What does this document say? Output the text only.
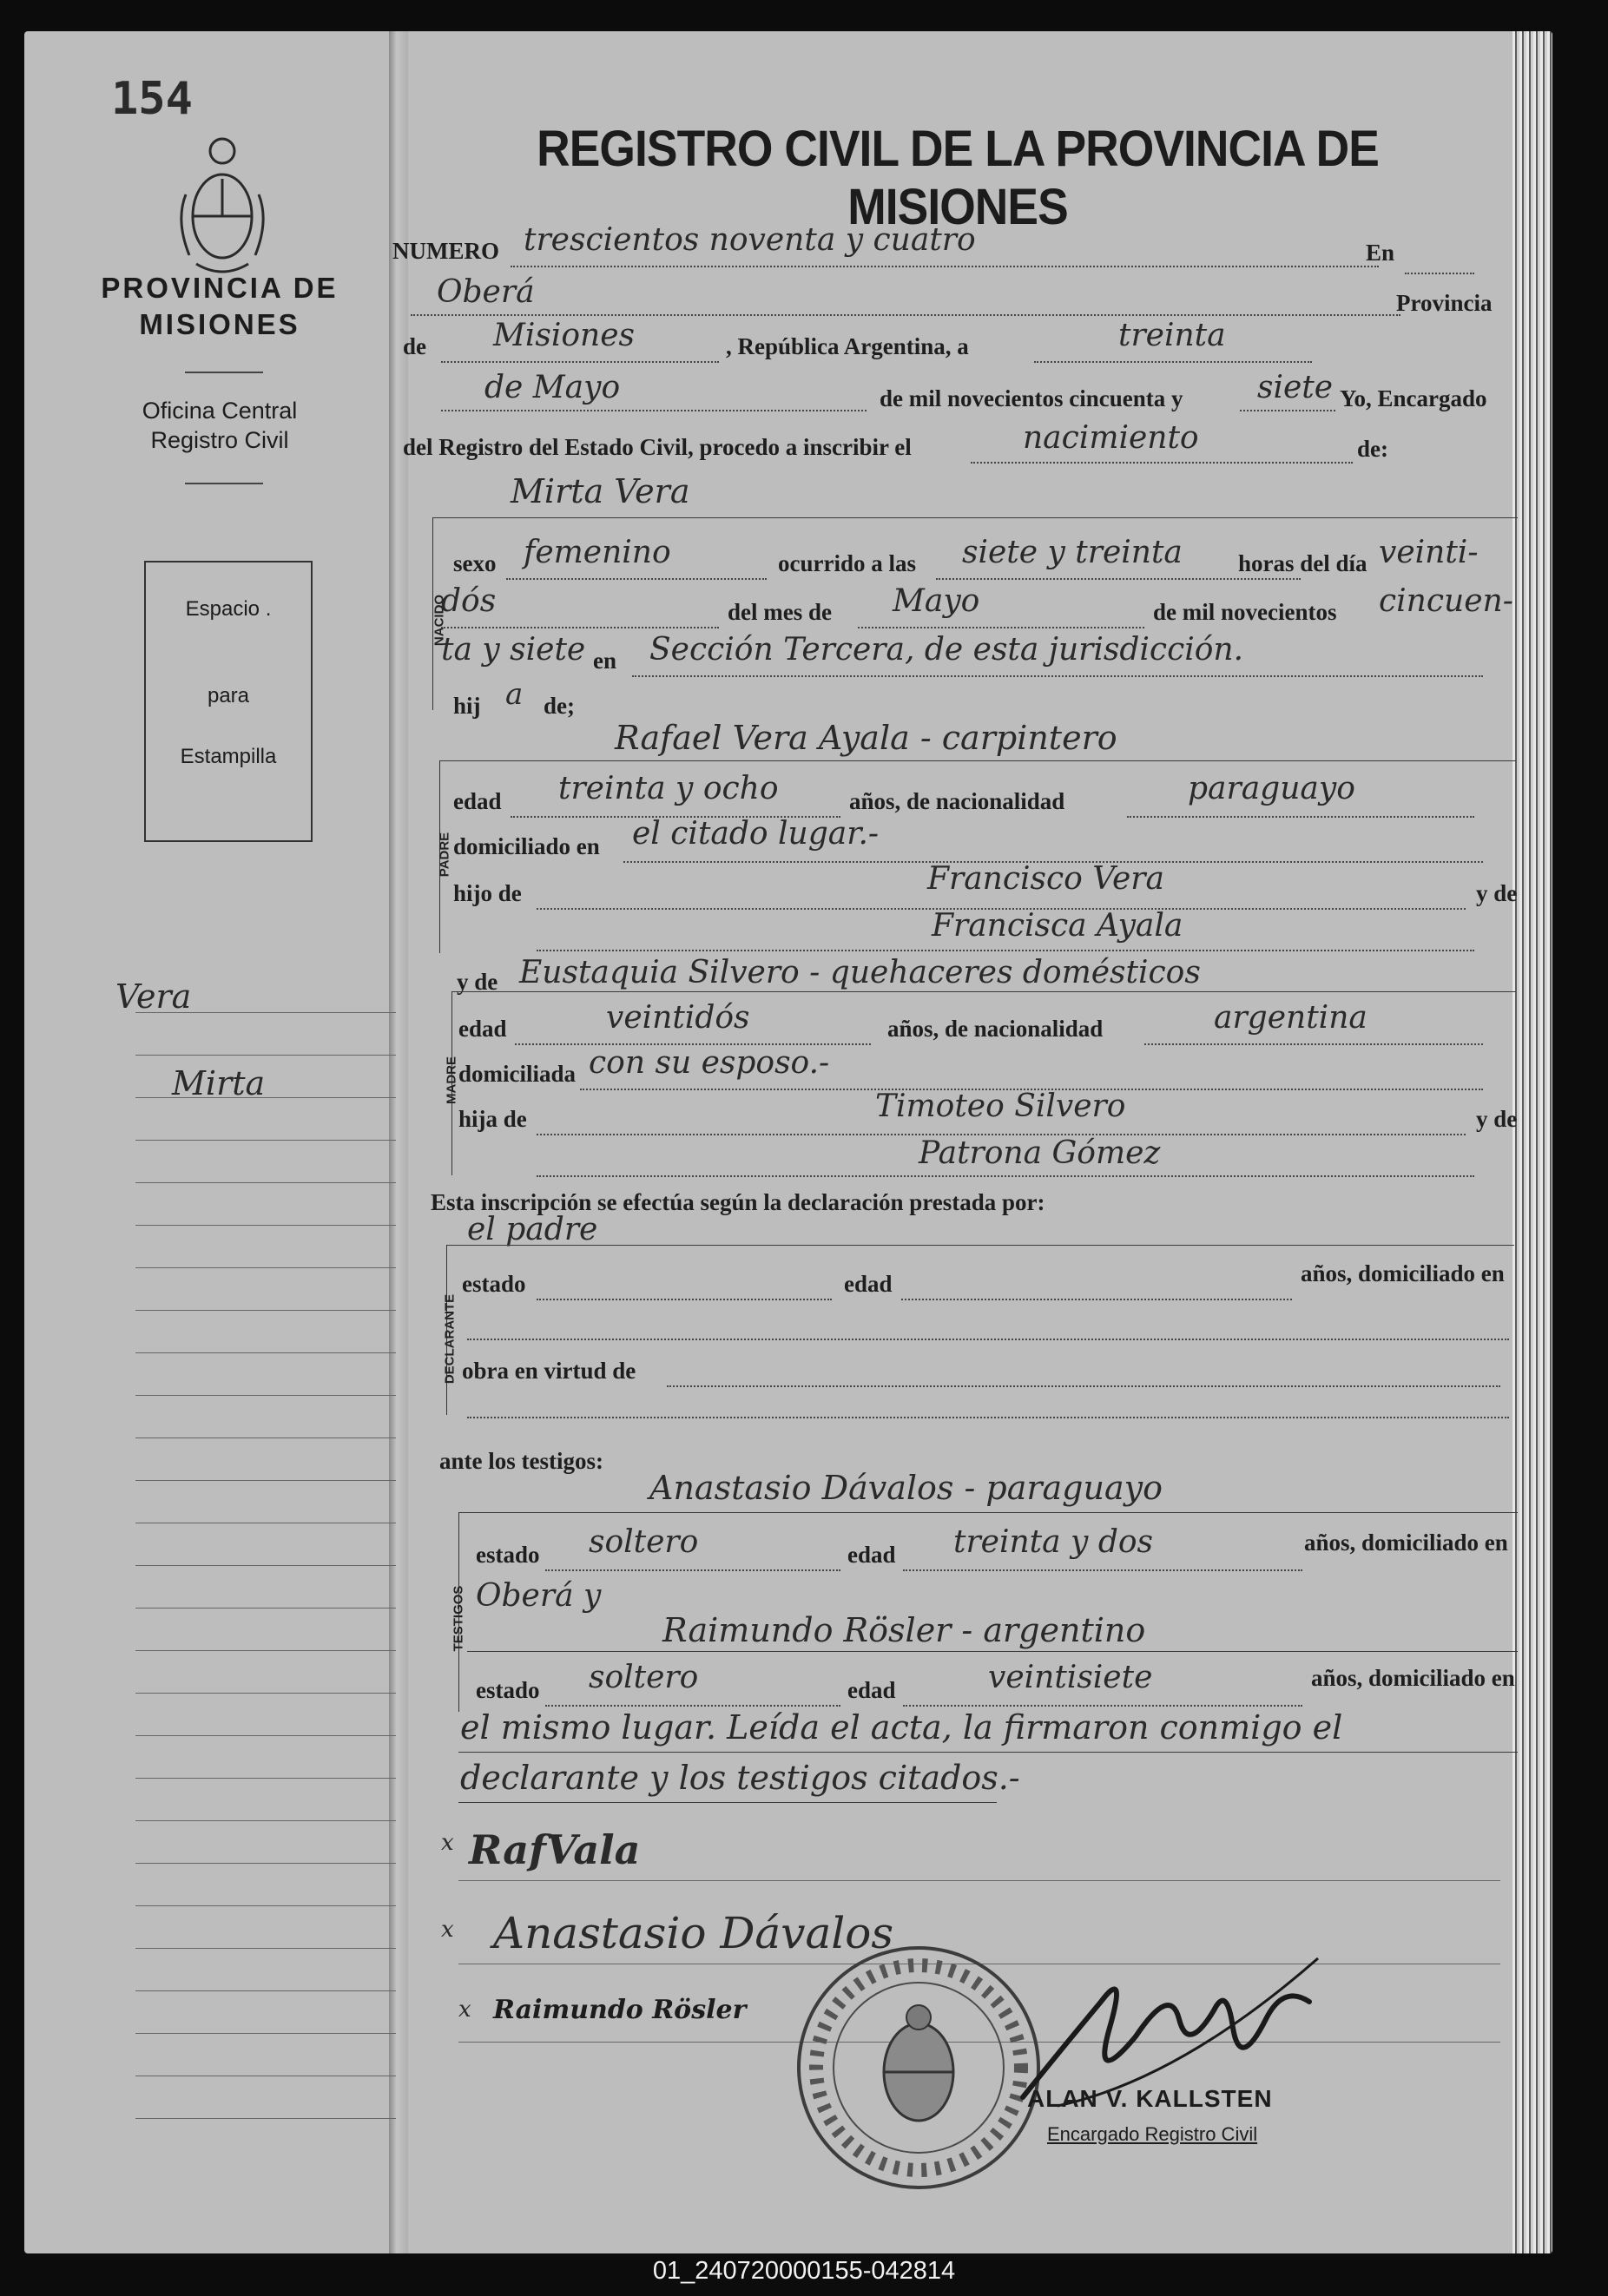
154
PROVINCIA DE MISIONES
Oficina Central
Registro Civil
Espacio .
para
Estampilla
Vera
Mirta
REGISTRO CIVIL DE LA PROVINCIA DE MISIONES
NUMERO trescientos noventa y cuatro	En
Oberá	Provincia
de Misiones	, República Argentina, a	treinta
de Mayo	de mil novecientos cincuenta y siete Yo, Encargado
del Registro del Estado Civil, procedo a inscribir el	nacimiento	de:
Mirta Vera
NACIDO
sexo femenino	ocurrido a las siete y treinta horas del día veinti-
dós	del mes de Mayo	de mil novecientos cincuen-
ta y siete en Sección Tercera, de esta jurisdicción.
hij a de;
Rafael Vera Ayala - carpintero
PADRE
edad treinta y ocho	años, de nacionalidad	paraguayo
domiciliado en el citado lugar.-
hijo de	Francisco Vera	y de
Francisca Ayala
y de Eustaquia Silvero - quehaceres domésticos
MADRE
edad	veintidós	años, de nacionalidad	argentina
domiciliada con su esposo.-
hija de	Timoteo Silvero	y de
Patrona Gómez
Esta inscripción se efectúa según la declaración prestada por:
el padre
DECLARANTE
estado	edad	años, domiciliado en
obra en virtud de
ante los testigos:
Anastasio Dávalos - paraguayo
TESTIGOS
estado soltero	edad treinta y dos	años, domiciliado en
Oberá y
Raimundo Rösler - argentino
estado soltero	edad	veintisiete	años, domiciliado en
el mismo lugar. Leída el acta, la firmaron conmigo el
declarante y los testigos citados.-
x RafVala
x Anastasio Dávalos
x Raimundo Rösler
ALAN V. KALLSTEN
Encargado Registro Civil
01_240720000155-042814
